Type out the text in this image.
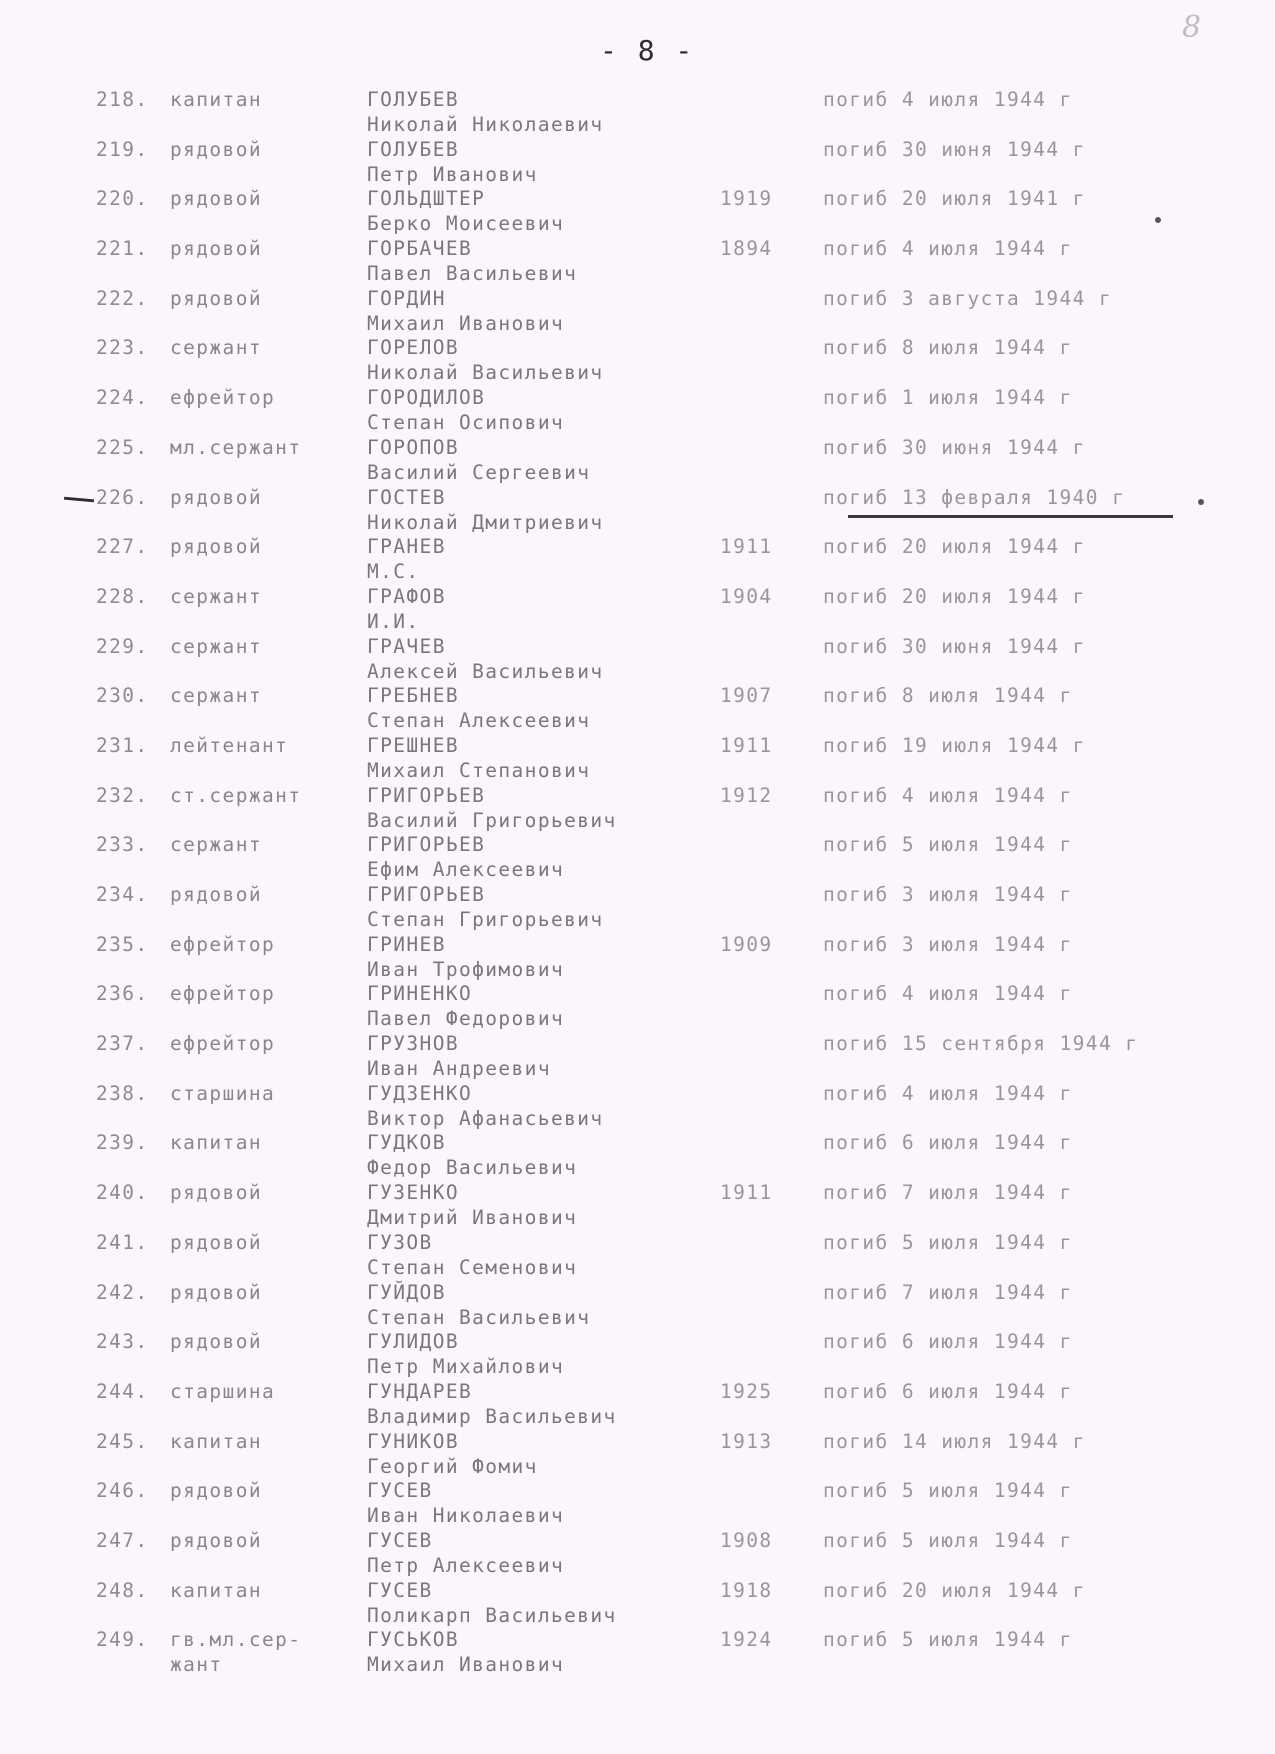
- 8 -
8
218. капитан	ГОЛУБЕВ
Николай Николаевич
погиб 4 июля 1944 г
219. рядовой	ГОЛУБЕВ
Петр Иванович
погиб 30 июня 1944 г
220. рядовой	ГОЛЬДШТЕР
Берко Моисеевич
1919	погиб 20 июля 1941 г
221. рядовой	ГОРБАЧЕВ
Павел Васильевич
1894	погиб 4 июля 1944 г
222. рядовой	ГОРДИН
Михаил Иванович
погиб 3 августа 1944 г
223. сержант	ГОРЕЛОВ
Николай Васильевич
погиб 8 июля 1944 г
224. ефрейтор	ГОРОДИЛОВ
Степан Осипович
погиб 1 июля 1944 г
225. мл.сержант	ГОРОПОВ
Василий Сергеевич
погиб 30 июня 1944 г
226. рядовой	ГОСТЕВ
Николай Дмитриевич
погиб 13 февраля 1940 г
227. рядовой	ГРАНЕВ
М.С.
1911	погиб 20 июля 1944 г
228. сержант	ГРАФОВ
И.И.
1904	погиб 20 июля 1944 г
229. сержант	ГРАЧЕВ
Алексей Васильевич
погиб 30 июня 1944 г
230. сержант	ГРЕБНЕВ
Степан Алексеевич
1907	погиб 8 июля 1944 г
231. лейтенант	ГРЕШНЕВ
Михаил Степанович
1911	погиб 19 июля 1944 г
232. ст.сержант	ГРИГОРЬЕВ
Василий Григорьевич
1912	погиб 4 июля 1944 г
233. сержант	ГРИГОРЬЕВ
Ефим Алексеевич
погиб 5 июля 1944 г
234. рядовой	ГРИГОРЬЕВ
Степан Григорьевич
погиб 3 июля 1944 г
235. ефрейтор	ГРИНЕВ
Иван Трофимович
1909	погиб 3 июля 1944 г
236. ефрейтор	ГРИНЕНКО
Павел Федорович
погиб 4 июля 1944 г
237. ефрейтор	ГРУЗНОВ
Иван Андреевич
погиб 15 сентября 1944 г
238. старшина	ГУДЗЕНКО
Виктор Афанасьевич
погиб 4 июля 1944 г
239. капитан	ГУДКОВ
Федор Васильевич
погиб 6 июля 1944 г
240. рядовой	ГУЗЕНКО
Дмитрий Иванович
1911	погиб 7 июля 1944 г
241. рядовой	ГУЗОВ
Степан Семенович
погиб 5 июля 1944 г
242. рядовой	ГУЙДОВ
Степан Васильевич
погиб 7 июля 1944 г
243. рядовой	ГУЛИДОВ
Петр Михайлович
погиб 6 июля 1944 г
244. старшина	ГУНДАРЕВ
Владимир Васильевич
1925	погиб 6 июля 1944 г
245. капитан	ГУНИКОВ
Георгий Фомич
1913	погиб 14 июля 1944 г
246. рядовой	ГУСЕВ
Иван Николаевич
погиб 5 июля 1944 г
247. рядовой	ГУСЕВ
Петр Алексеевич
1908	погиб 5 июля 1944 г
248. капитан	ГУСЕВ
Поликарп Васильевич
1918	погиб 20 июля 1944 г
249. гв.мл.сер-
жант
ГУСЬКОВ
Михаил Иванович
1924	погиб 5 июля 1944 г
